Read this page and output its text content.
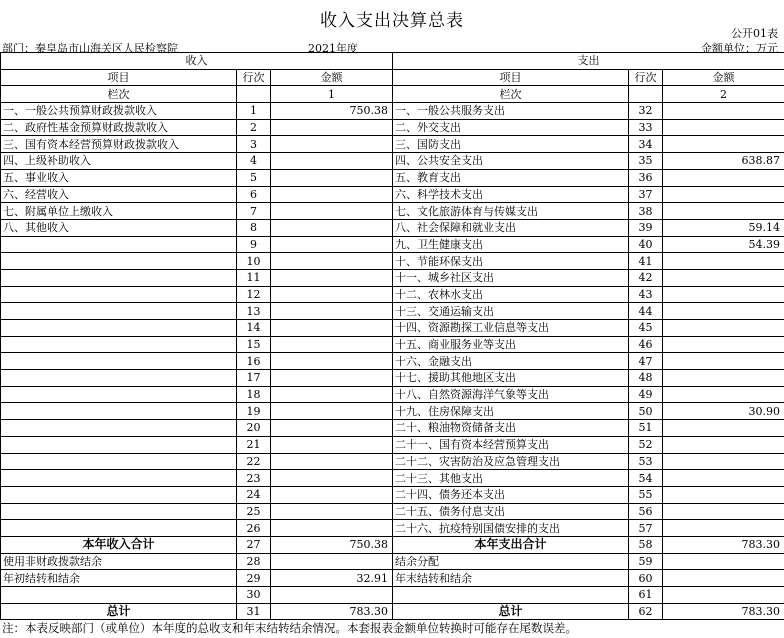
收入支出决算总表
公开01表
部门：秦皇岛市山海关区人民检察院	2021年度	金额单位：万元
收入			支出		
项目	行次	金额	项目	行次	金额
栏次		1	栏次		2
一、一般公共预算财政拨款收入	1	750.38	一、一般公共服务支出	32	
二、政府性基金预算财政拨款收入	2		二、外交支出	33	
三、国有资本经营预算财政拨款收入	3		三、国防支出	34	
四、上级补助收入	4		四、公共安全支出	35	638.87
五、事业收入	5		五、教育支出	36	
六、经营收入	6		六、科学技术支出	37	
七、附属单位上缴收入	7		七、文化旅游体育与传媒支出	38	
八、其他收入	8		八、社会保障和就业支出	39	59.14
	9		九、卫生健康支出	40	54.39
	10		十、节能环保支出	41	
	11		十一、城乡社区支出	42	
	12		十二、农林水支出	43	
	13		十三、交通运输支出	44	
	14		十四、资源勘探工业信息等支出	45	
	15		十五、商业服务业等支出	46	
	16		十六、金融支出	47	
	17		十七、援助其他地区支出	48	
	18		十八、自然资源海洋气象等支出	49	
	19		十九、住房保障支出	50	30.90
	20		二十、粮油物资储备支出	51	
	21		二十一、国有资本经营预算支出	52	
	22		二十二、灾害防治及应急管理支出	53	
	23		二十三、其他支出	54	
	24		二十四、债务还本支出	55	
	25		二十五、债务付息支出	56	
	26		二十六、抗疫特别国债安排的支出	57	
本年收入合计	27	750.38	本年支出合计	58	783.30
使用非财政拨款结余	28		结余分配	59	
年初结转和结余	29	32.91	年末结转和结余	60	
	30			61	
总计	31	783.30	总计	62	783.30
注：本表反映部门（或单位）本年度的总收支和年末结转结余情况。本套报表金额单位转换时可能存在尾数误差。
